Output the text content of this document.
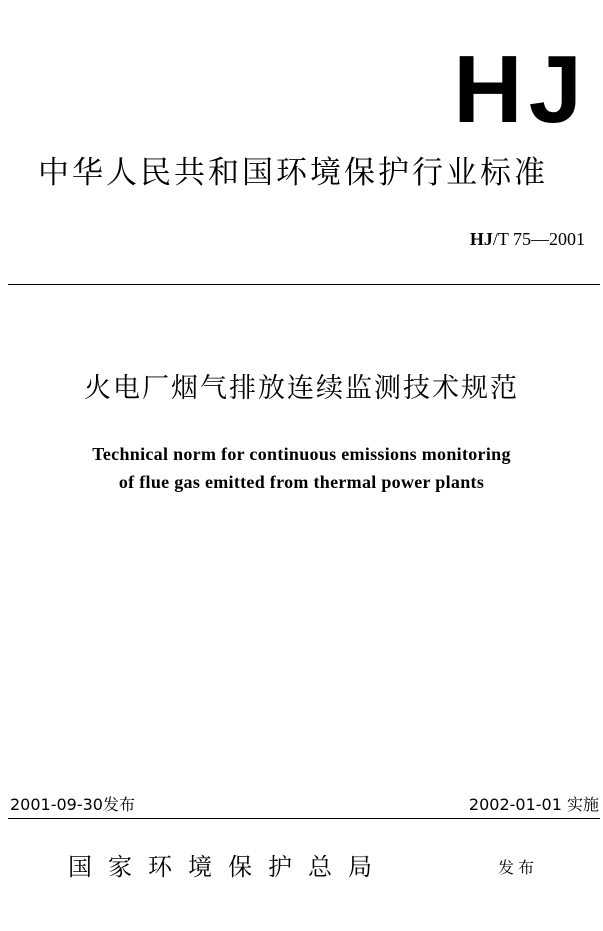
HJ
中华人民共和国环境保护行业标准
HJ/T 75—2001
火电厂烟气排放连续监测技术规范
Technical norm for continuous emissions monitoring
of flue gas emitted from thermal power plants
2001-09-30发布	2002-01-01 实施
国家环境保护总局	发布
